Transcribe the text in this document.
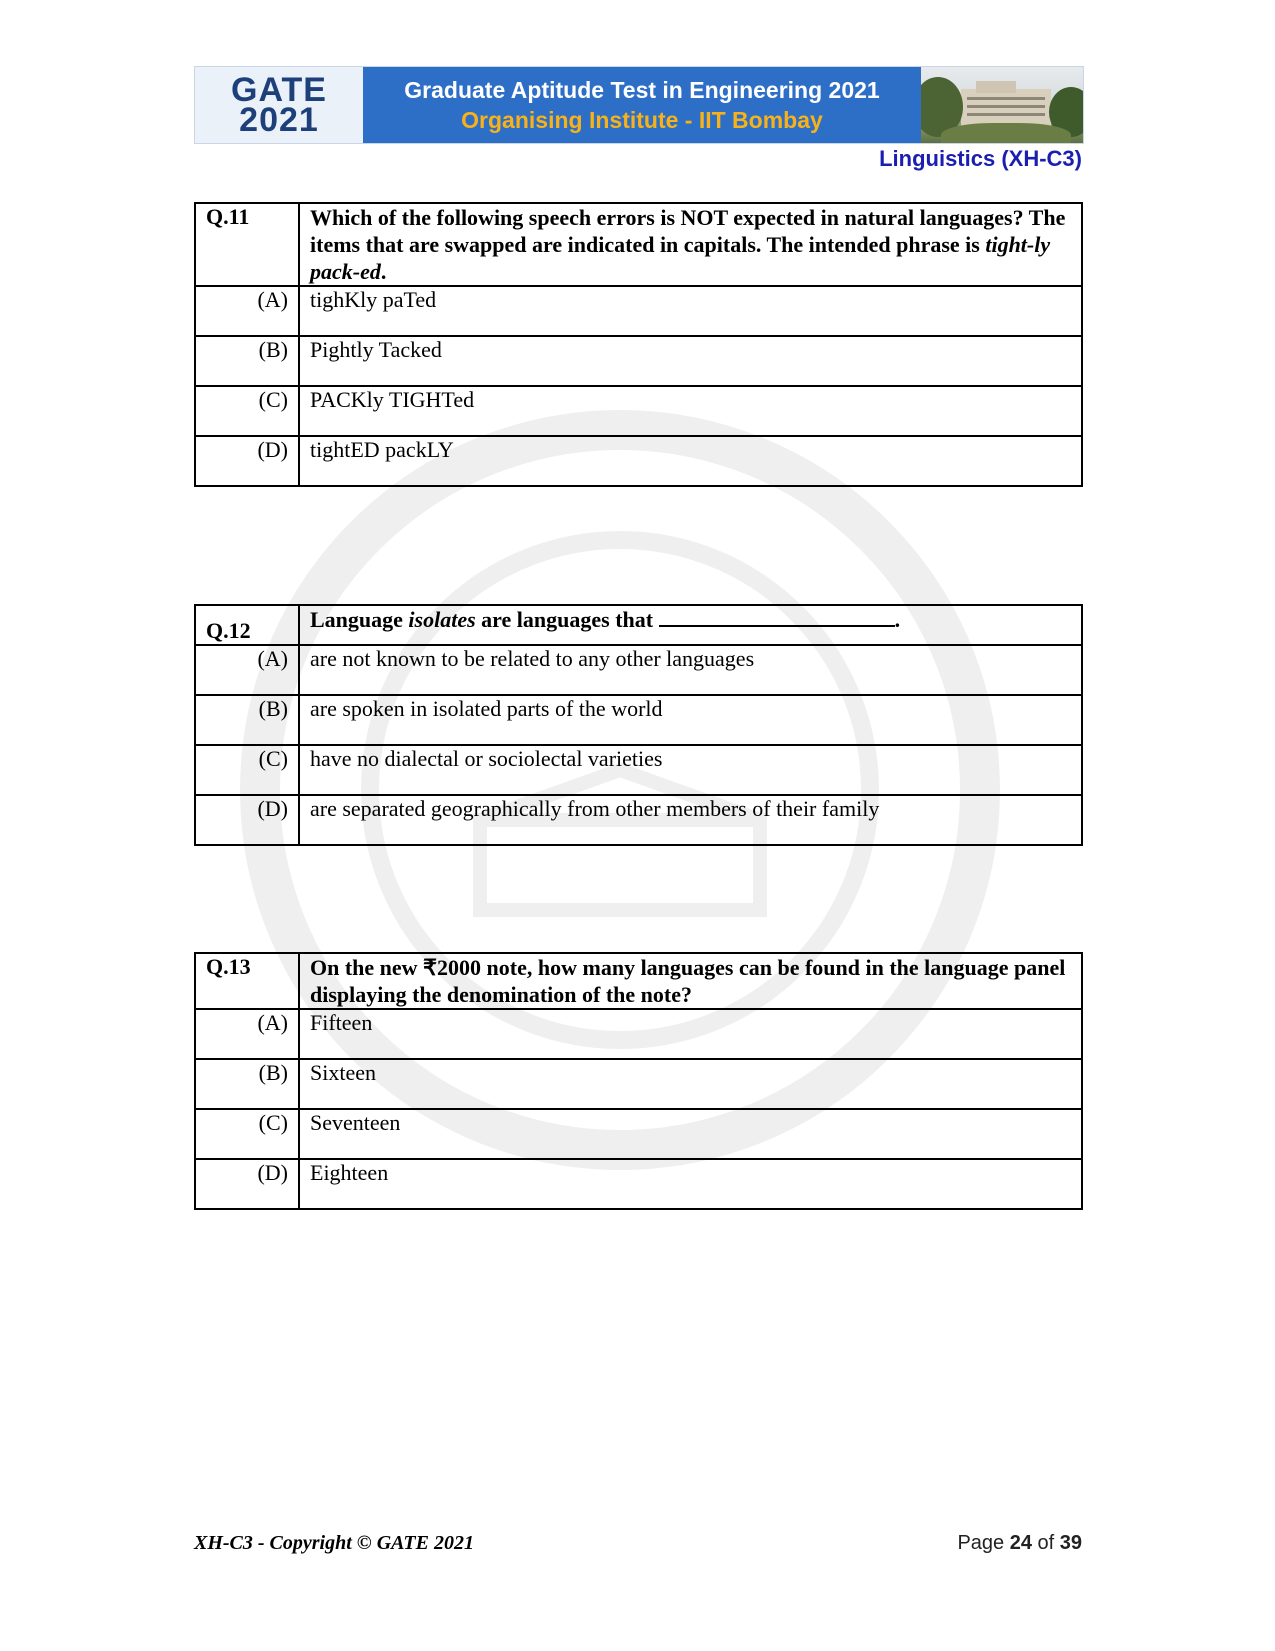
GATE
2021
Graduate Aptitude Test in Engineering 2021
Organising Institute - IIT Bombay
Linguistics (XH-C3)
Q.11	Which of the following speech errors is NOT expected in natural languages? The items that are swapped are indicated in capitals. The intended phrase is tight-ly pack-ed.
(A)	tighKly paTed
(B)	Pightly Tacked
(C)	PACKly TIGHTed
(D)	tightED packLY
Q.12	Language isolates are languages that .
(A)	are not known to be related to any other languages
(B)	are spoken in isolated parts of the world
(C)	have no dialectal or sociolectal varieties
(D)	are separated geographically from other members of their family
Q.13	On the new ₹2000 note, how many languages can be found in the language panel displaying the denomination of the note?
(A)	Fifteen
(B)	Sixteen
(C)	Seventeen
(D)	Eighteen
XH-C3 - Copyright © GATE 2021	Page 24 of 39
